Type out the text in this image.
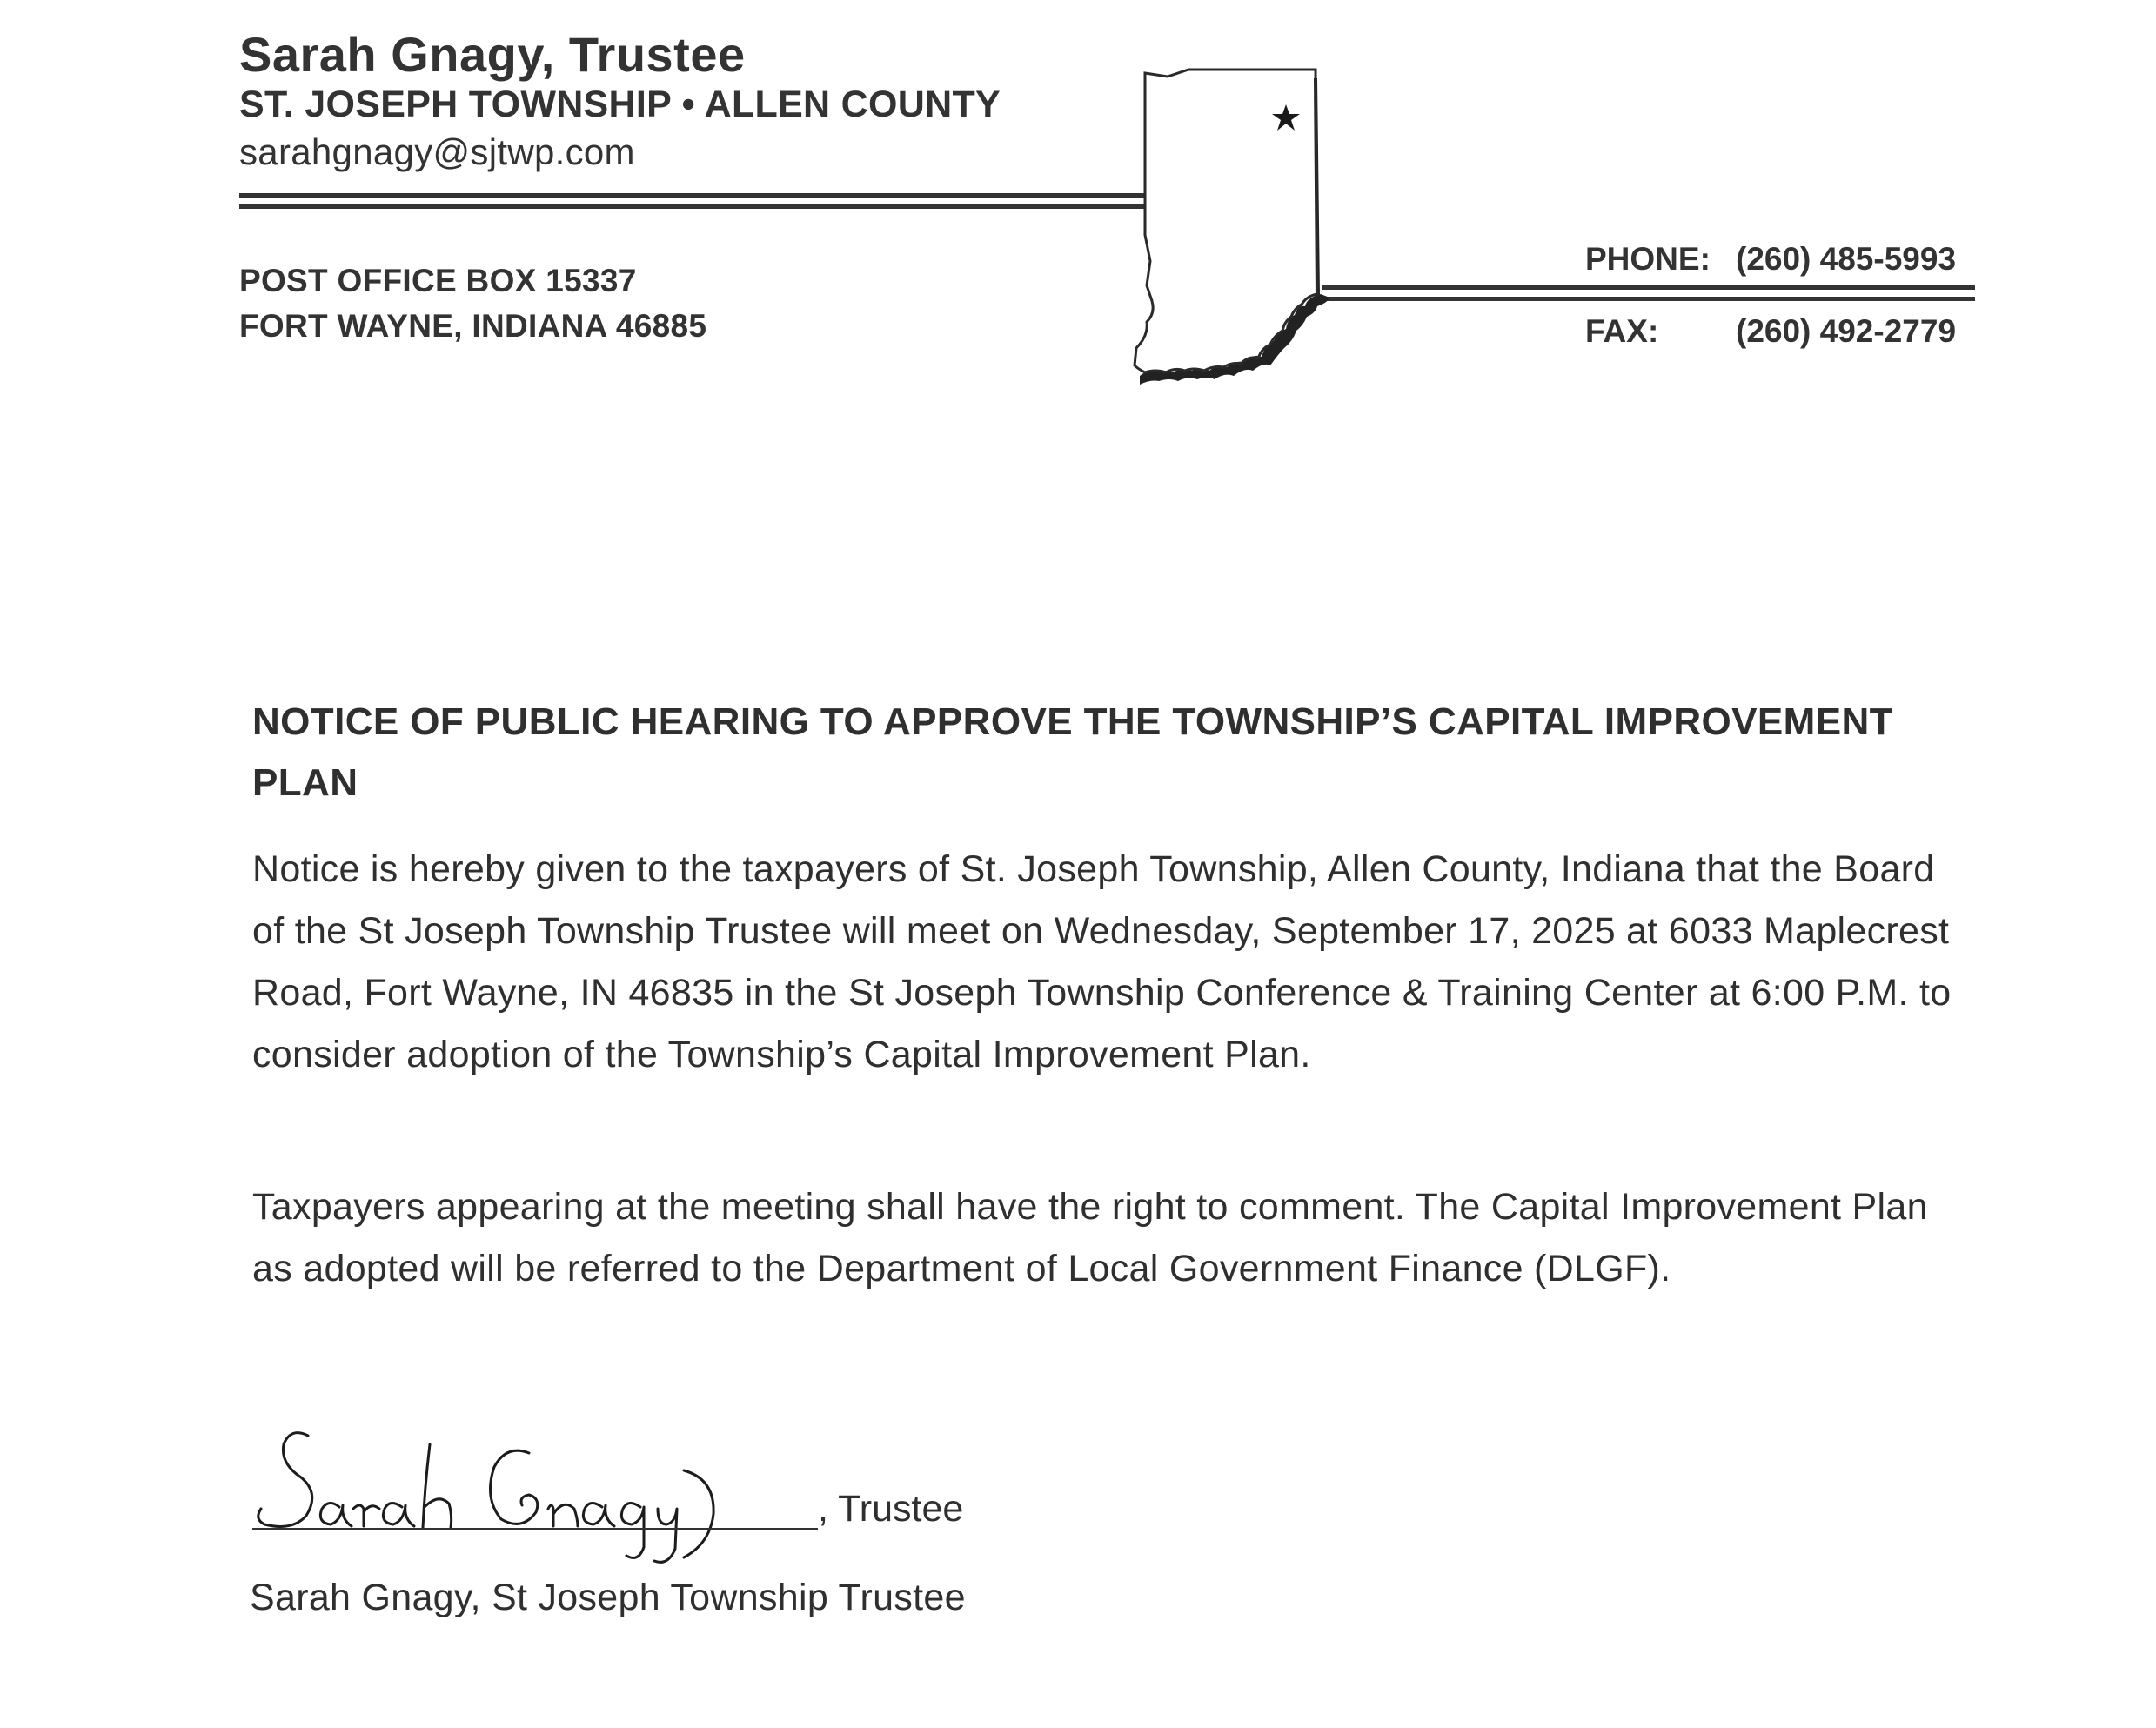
Sarah Gnagy, Trustee
ST. JOSEPH TOWNSHIP • ALLEN COUNTY
sarahgnagy@sjtwp.com
POST OFFICE BOX 15337
FORT WAYNE, INDIANA 46885
PHONE: (260) 485-5993
FAX: (260) 492-2779
NOTICE OF PUBLIC HEARING TO APPROVE THE TOWNSHIP’S CAPITAL IMPROVEMENT PLAN
Notice is hereby given to the taxpayers of St. Joseph Township, Allen County, Indiana that the Board of the St Joseph Township Trustee will meet on Wednesday, September 17, 2025 at 6033 Maplecrest Road, Fort Wayne, IN 46835 in the St Joseph Township Conference & Training Center at 6:00 P.M. to consider adoption of the Township’s Capital Improvement Plan.
Taxpayers appearing at the meeting shall have the right to comment. The Capital Improvement Plan as adopted will be referred to the Department of Local Government Finance (DLGF).
, Trustee
Sarah Gnagy, St Joseph Township Trustee
